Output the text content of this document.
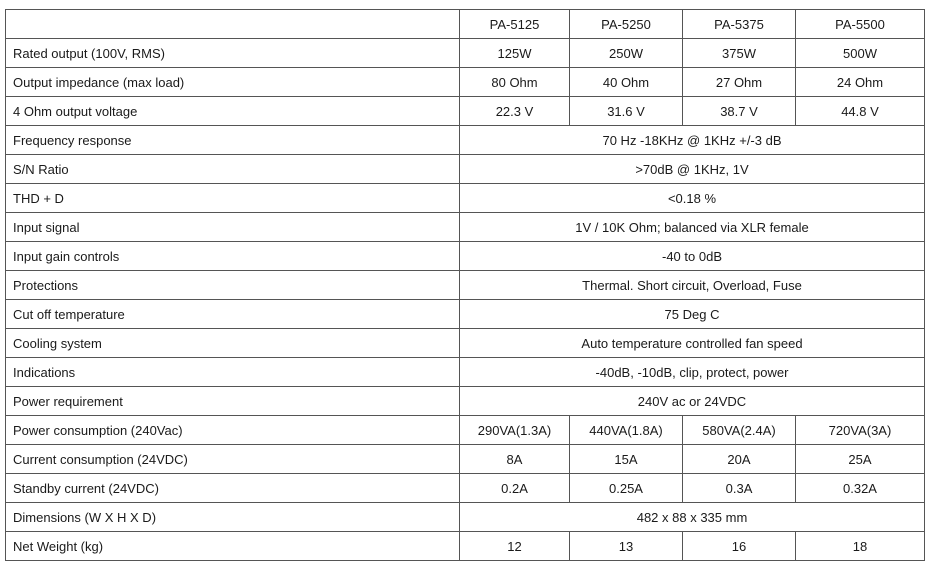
	PA-5125	PA-5250	PA-5375	PA-5500
Rated output (100V, RMS)	125W	250W	375W	500W
Output impedance (max load)	80 Ohm	40 Ohm	27 Ohm	24 Ohm
4 Ohm output voltage	22.3 V	31.6 V	38.7 V	44.8 V
Frequency response	70 Hz -18KHz @ 1KHz +/-3 dB			
S/N Ratio	>70dB @ 1KHz, 1V			
THD + D	<0.18 %			
Input signal	1V / 10K Ohm; balanced via XLR female			
Input gain controls	-40 to 0dB			
Protections	Thermal. Short circuit, Overload, Fuse			
Cut off temperature	75 Deg C			
Cooling system	Auto temperature controlled fan speed			
Indications	-40dB, -10dB, clip, protect, power			
Power requirement	240V ac or 24VDC			
Power consumption (240Vac)	290VA(1.3A)	440VA(1.8A)	580VA(2.4A)	720VA(3A)
Current consumption (24VDC)	8A	15A	20A	25A
Standby current (24VDC)	0.2A	0.25A	0.3A	0.32A
Dimensions (W X H X D)	482 x 88 x 335 mm			
Net Weight (kg)	12	13	16	18
